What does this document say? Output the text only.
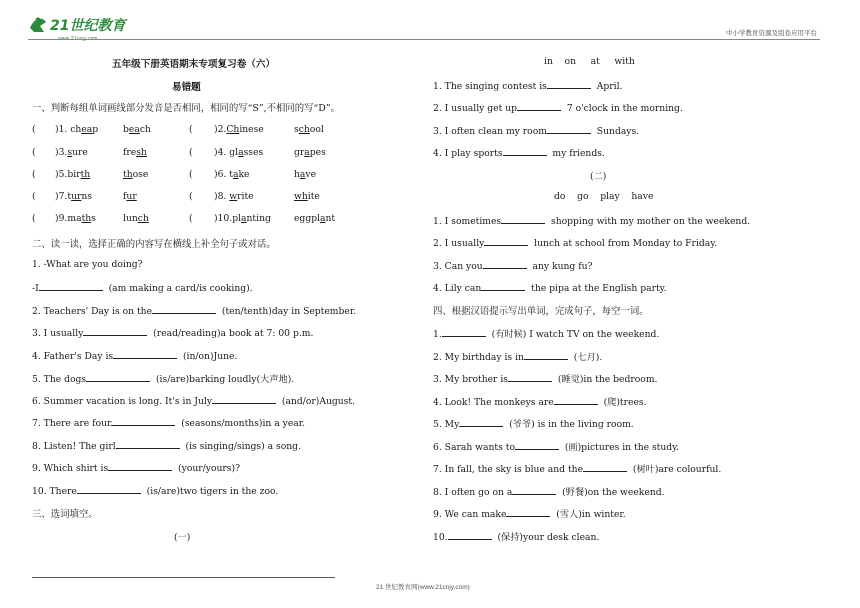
21世纪教育
www.21cnjy.com
中小学教育资源及组卷应用平台
五年级下册英语期末专项复习卷（六）
易错题
一、判断每组单词画线部分发音是否相同，相同的写“S”,不相同的写“D”。
( )1. cheap	beach	( )2.Chinese	school
( )3.sure	fresh	( )4. glasses	grapes
( )5.birth	those	( )6. take	have
( )7.turns	fur	( )8. write	white
( )9.maths	lunch	( )10.planting	eggplant
二、读一读，选择正确的内容写在横线上补全句子或对话。
1. -What are you doing?
-I	(am making a card/is cooking).
2. Teachers' Day is on the	(ten/tenth)day in September.
3. I usually	(read/reading)a book at 7: 00 p.m.
4. Father's Day is	(in/on)June.
5. The dogs	(is/are)barking loudly(大声地).
6. Summer vacation is long. It's in July	(and/or)August.
7. There are four	(seasons/months)in a year.
8. Listen! The girl	(is singing/sings) a song.
9. Which shirt is	(your/yours)?
10. There	(is/are)two tigers in the zoo.
三、选词填空。
(一)
in    on     at     with
1. The singing contest is	April.
2. I usually get up	7 o'clock in the morning.
3. I often clean my room	Sundays.
4. I play sports	my friends.
(二)
do    go    play    have
1. I sometimes	shopping with my mother on the weekend.
2. I usually	lunch at school from Monday to Friday.
3. Can you	any kung fu?
4. Lily can	the pipa at the English party.
四、根据汉语提示写出单词，完成句子，每空一词。
1.	(有时候) I watch TV on the weekend.
2. My birthday is in	(七月).
3. My brother is	(睡觉)in the bedroom.
4. Look! The monkeys are	(爬)trees.
5. My	(爷爷) is in the living room.
6. Sarah wants to	(画)pictures in the study.
7. In fall, the sky is blue and the	(树叶)are colourful.
8. I often go on a	(野餐)on the weekend.
9. We can make	(雪人)in winter.
10.	(保持)your desk clean.
21 世纪教育网(www.21cnjy.com)
